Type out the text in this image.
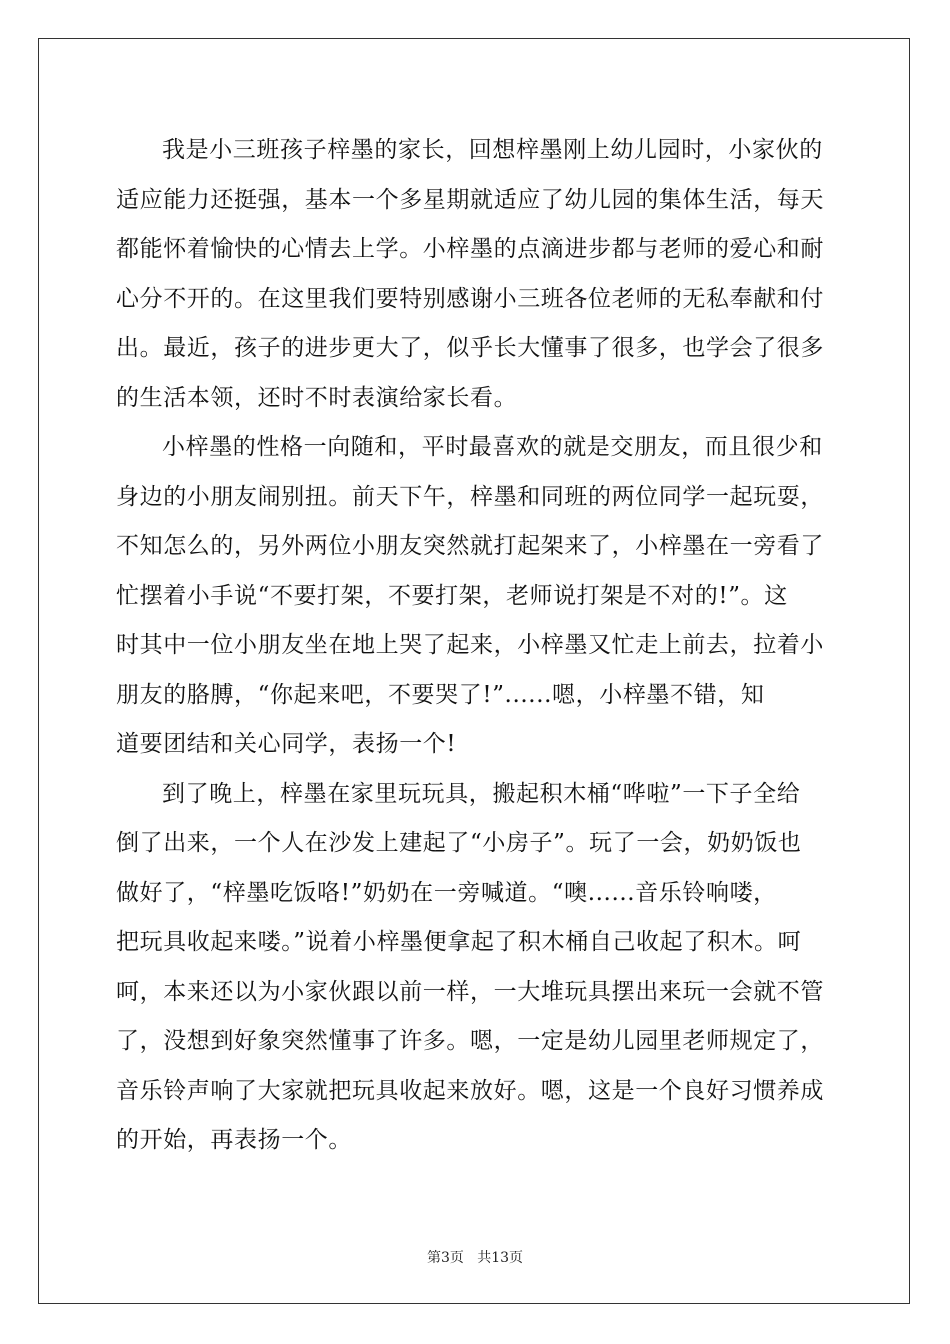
我是小三班孩子梓墨的家长，回想梓墨刚上幼儿园时，小家伙的
适应能力还挺强，基本一个多星期就适应了幼儿园的集体生活，每天
都能怀着愉快的心情去上学。小梓墨的点滴进步都与老师的爱心和耐
心分不开的。在这里我们要特别感谢小三班各位老师的无私奉献和付
出。最近，孩子的进步更大了，似乎长大懂事了很多，也学会了很多
的生活本领，还时不时表演给家长看。
小梓墨的性格一向随和，平时最喜欢的就是交朋友，而且很少和
身边的小朋友闹别扭。前天下午，梓墨和同班的两位同学一起玩耍，
不知怎么的，另外两位小朋友突然就打起架来了，小梓墨在一旁看了
忙摆着小手说“不要打架，不要打架，老师说打架是不对的!”。这
时其中一位小朋友坐在地上哭了起来，小梓墨又忙走上前去，拉着小
朋友的胳膊，“你起来吧，不要哭了!”......嗯，小梓墨不错，知
道要团结和关心同学，表扬一个!
到了晚上，梓墨在家里玩玩具，搬起积木桶“哗啦”一下子全给
倒了出来，一个人在沙发上建起了“小房子”。玩了一会，奶奶饭也
做好了，“梓墨吃饭咯!”奶奶在一旁喊道。“噢......音乐铃响喽，
把玩具收起来喽。”说着小梓墨便拿起了积木桶自己收起了积木。呵
呵，本来还以为小家伙跟以前一样，一大堆玩具摆出来玩一会就不管
了，没想到好象突然懂事了许多。嗯，一定是幼儿园里老师规定了，
音乐铃声响了大家就把玩具收起来放好。嗯，这是一个良好习惯养成
的开始，再表扬一个。
第3页   共13页
